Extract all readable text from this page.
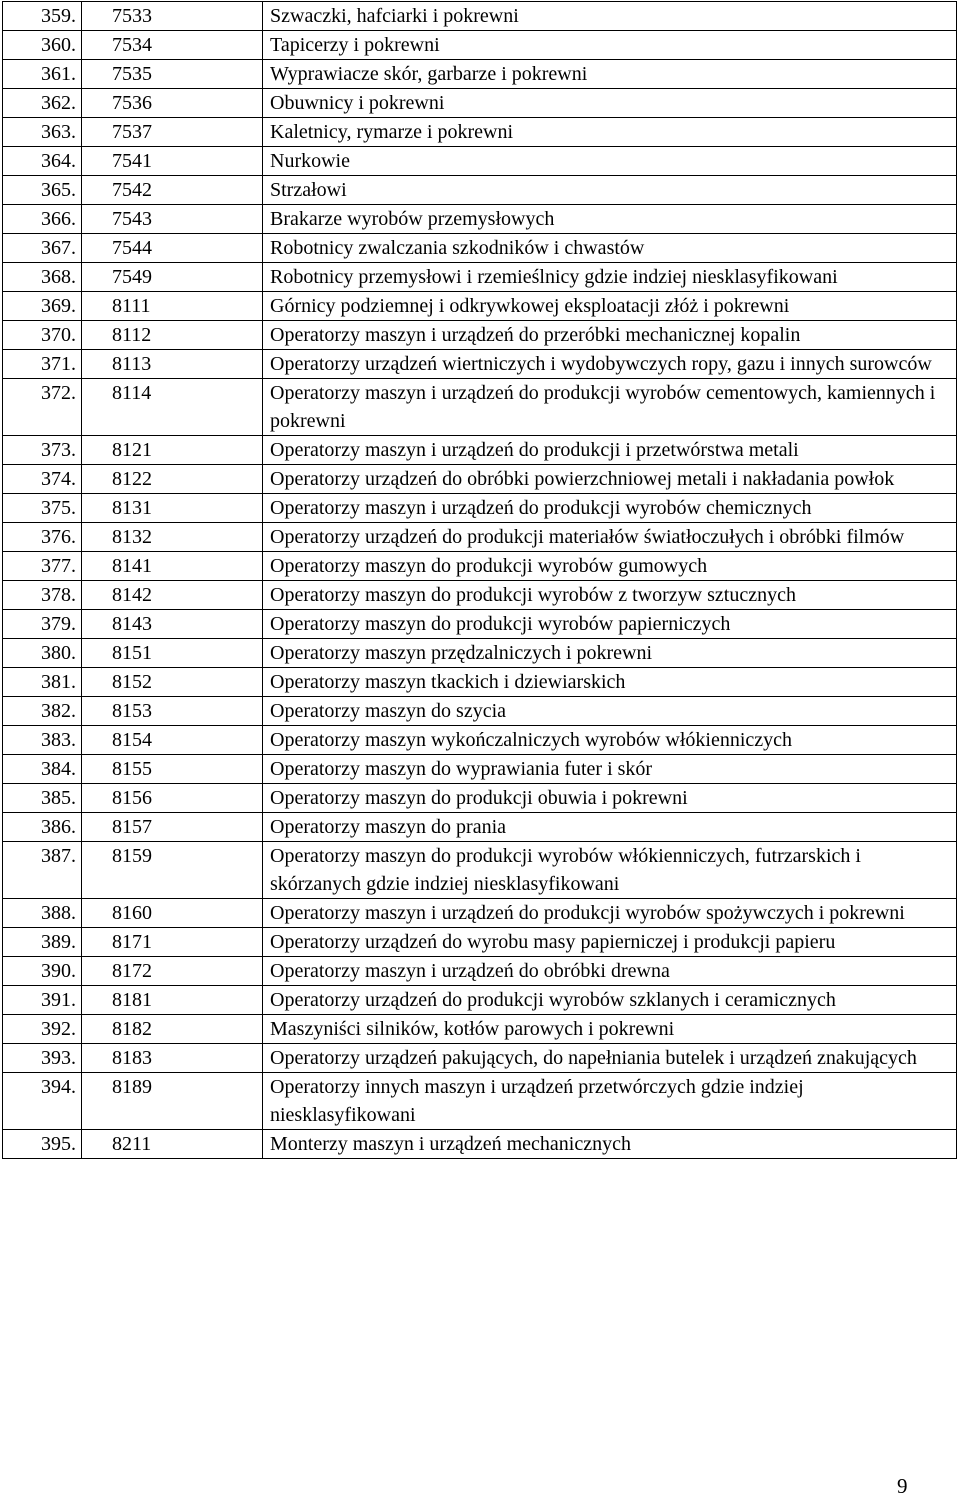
359.	7533	Szwaczki, hafciarki i pokrewni
360.	7534	Tapicerzy i pokrewni
361.	7535	Wyprawiacze skór, garbarze i pokrewni
362.	7536	Obuwnicy i pokrewni
363.	7537	Kaletnicy, rymarze i pokrewni
364.	7541	Nurkowie
365.	7542	Strzałowi
366.	7543	Brakarze wyrobów przemysłowych
367.	7544	Robotnicy zwalczania szkodników i chwastów
368.	7549	Robotnicy przemysłowi i rzemieślnicy gdzie indziej niesklasyfikowani
369.	8111	Górnicy podziemnej i odkrywkowej eksploatacji złóż i pokrewni
370.	8112	Operatorzy maszyn i urządzeń do przeróbki mechanicznej kopalin
371.	8113	Operatorzy urządzeń wiertniczych i wydobywczych ropy, gazu i innych surowców
372.	8114	Operatorzy maszyn i urządzeń do produkcji wyrobów cementowych, kamiennych i pokrewni
373.	8121	Operatorzy maszyn i urządzeń do produkcji i przetwórstwa metali
374.	8122	Operatorzy urządzeń do obróbki powierzchniowej metali i nakładania powłok
375.	8131	Operatorzy maszyn i urządzeń do produkcji wyrobów chemicznych
376.	8132	Operatorzy urządzeń do produkcji materiałów światłoczułych i obróbki filmów
377.	8141	Operatorzy maszyn do produkcji wyrobów gumowych
378.	8142	Operatorzy maszyn do produkcji wyrobów z tworzyw sztucznych
379.	8143	Operatorzy maszyn do produkcji wyrobów papierniczych
380.	8151	Operatorzy maszyn przędzalniczych i pokrewni
381.	8152	Operatorzy maszyn tkackich i dziewiarskich
382.	8153	Operatorzy maszyn do szycia
383.	8154	Operatorzy maszyn wykończalniczych wyrobów włókienniczych
384.	8155	Operatorzy maszyn do wyprawiania futer i skór
385.	8156	Operatorzy maszyn do produkcji obuwia i pokrewni
386.	8157	Operatorzy maszyn do prania
387.	8159	Operatorzy maszyn do produkcji wyrobów włókienniczych, futrzarskich i skórzanych gdzie indziej niesklasyfikowani
388.	8160	Operatorzy maszyn i urządzeń do produkcji wyrobów spożywczych i pokrewni
389.	8171	Operatorzy urządzeń do wyrobu masy papierniczej i produkcji papieru
390.	8172	Operatorzy maszyn i urządzeń do obróbki drewna
391.	8181	Operatorzy urządzeń do produkcji wyrobów szklanych i ceramicznych
392.	8182	Maszyniści silników, kotłów parowych i pokrewni
393.	8183	Operatorzy urządzeń pakujących, do napełniania butelek i urządzeń znakujących
394.	8189	Operatorzy innych maszyn i urządzeń przetwórczych gdzie indziej niesklasyfikowani
395.	8211	Monterzy maszyn i urządzeń mechanicznych
9
